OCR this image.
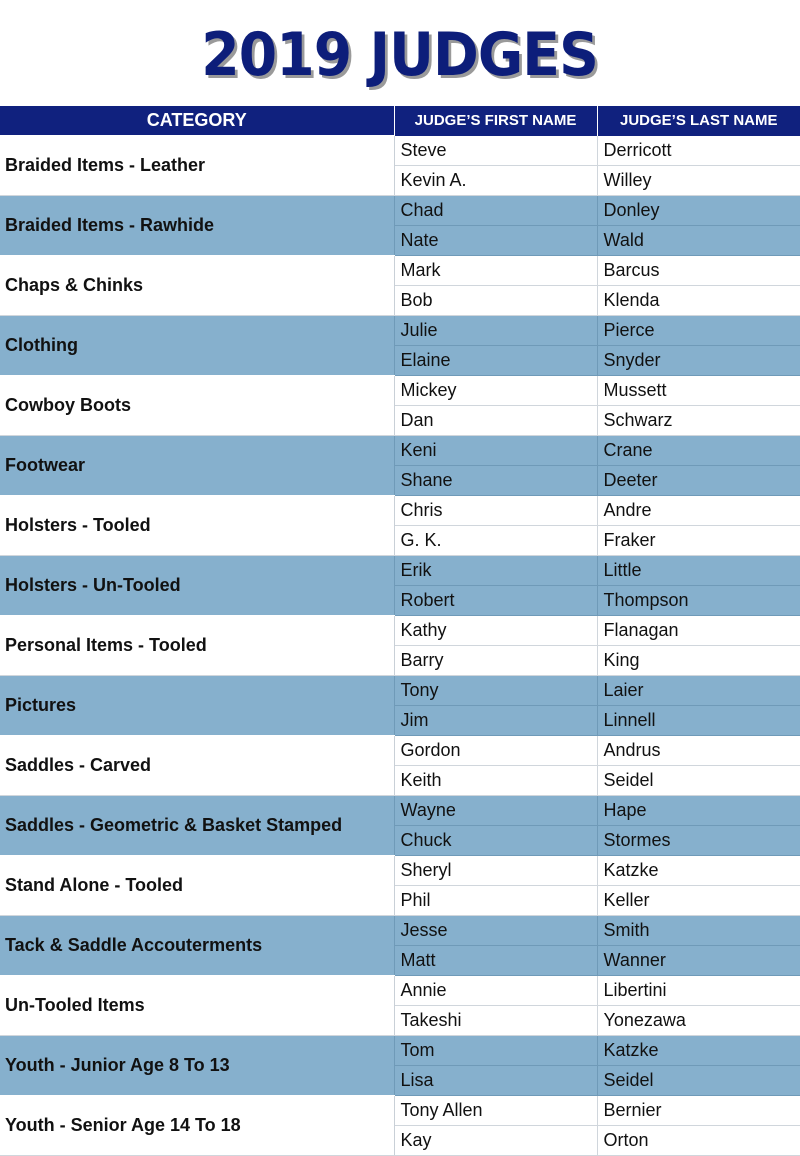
2019 JUDGES
CATEGORY	JUDGE’S FIRST NAME	JUDGE’S LAST NAME
Braided Items - Leather	Steve	Derricott
	Kevin A.	Willey
Braided Items - Rawhide	Chad	Donley
	Nate	Wald
Chaps & Chinks	Mark	Barcus
	Bob	Klenda
Clothing	Julie	Pierce
	Elaine	Snyder
Cowboy Boots	Mickey	Mussett
	Dan	Schwarz
Footwear	Keni	Crane
	Shane	Deeter
Holsters - Tooled	Chris	Andre
	G. K.	Fraker
Holsters - Un-Tooled	Erik	Little
	Robert	Thompson
Personal Items - Tooled	Kathy	Flanagan
	Barry	King
Pictures	Tony	Laier
	Jim	Linnell
Saddles - Carved	Gordon	Andrus
	Keith	Seidel
Saddles - Geometric & Basket Stamped	Wayne	Hape
	Chuck	Stormes
Stand Alone - Tooled	Sheryl	Katzke
	Phil	Keller
Tack & Saddle Accouterments	Jesse	Smith
	Matt	Wanner
Un-Tooled Items	Annie	Libertini
	Takeshi	Yonezawa
Youth - Junior Age 8 To 13	Tom	Katzke
	Lisa	Seidel
Youth - Senior Age 14 To 18	Tony Allen	Bernier
	Kay	Orton
